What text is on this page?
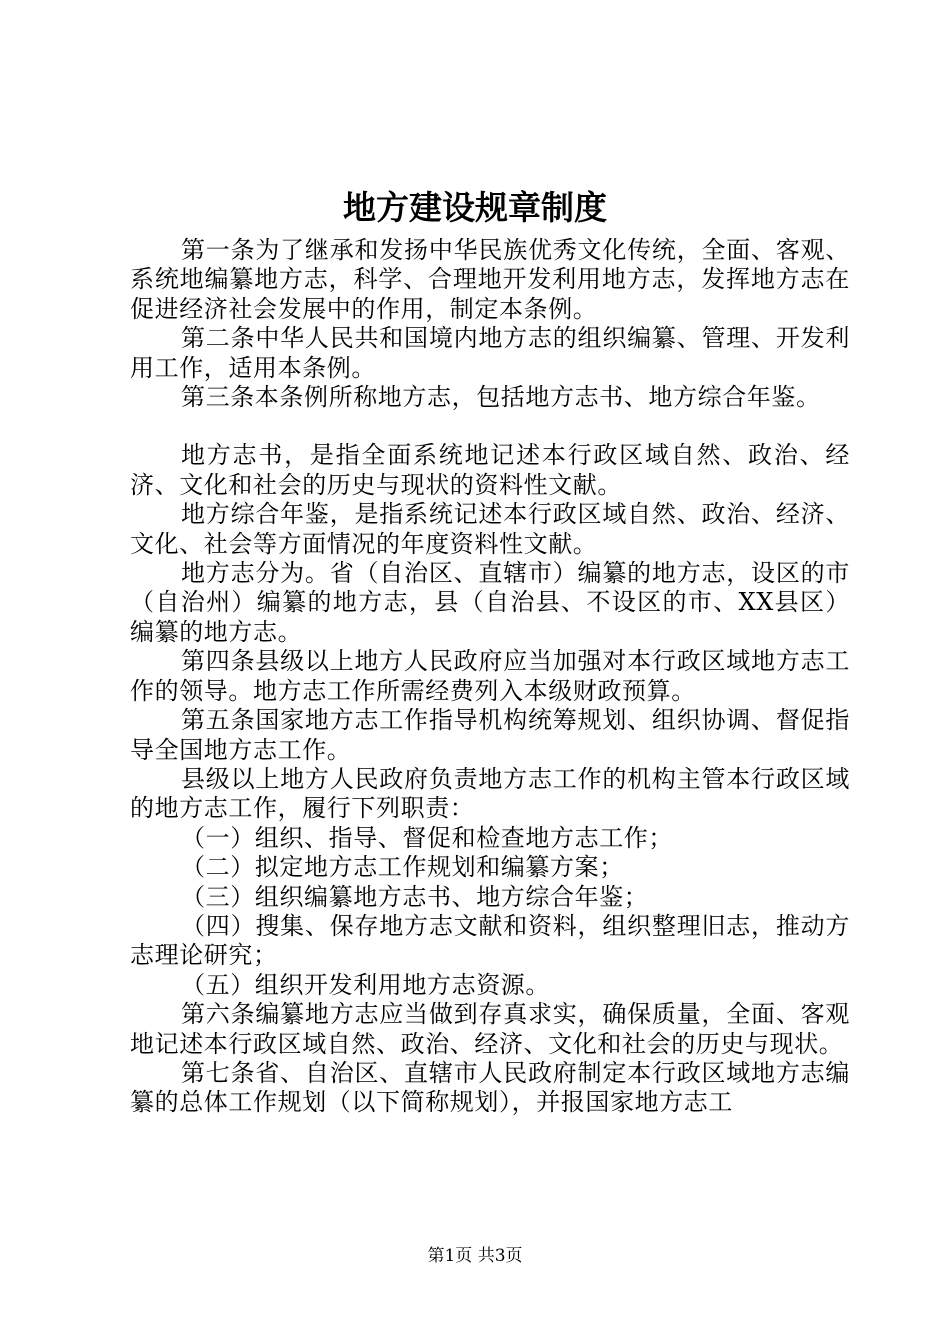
地方建设规章制度

第一条为了继承和发扬中华民族优秀文化传统，全面、客观、系统地编纂地方志，科学、合理地开发利用地方志，发挥地方志在促进经济社会发展中的作用，制定本条例。

第二条中华人民共和国境内地方志的组织编纂、管理、开发利用工作，适用本条例。

第三条本条例所称地方志，包括地方志书、地方综合年鉴。

地方志书，是指全面系统地记述本行政区域自然、政治、经济、文化和社会的历史与现状的资料性文献。

地方综合年鉴，是指系统记述本行政区域自然、政治、经济、文化、社会等方面情况的年度资料性文献。

地方志分为。省（自治区、直辖市）编纂的地方志，设区的市（自治州）编纂的地方志，县（自治县、不设区的市、XX县区）编纂的地方志。

第四条县级以上地方人民政府应当加强对本行政区域地方志工作的领导。地方志工作所需经费列入本级财政预算。

第五条国家地方志工作指导机构统筹规划、组织协调、督促指导全国地方志工作。

县级以上地方人民政府负责地方志工作的机构主管本行政区域的地方志工作，履行下列职责：

（一）组织、指导、督促和检查地方志工作；

（二）拟定地方志工作规划和编纂方案；

（三）组织编纂地方志书、地方综合年鉴；

（四）搜集、保存地方志文献和资料，组织整理旧志，推动方志理论研究；

（五）组织开发利用地方志资源。

第六条编纂地方志应当做到存真求实，确保质量，全面、客观地记述本行政区域自然、政治、经济、文化和社会的历史与现状。

第七条省、自治区、直辖市人民政府制定本行政区域地方志编纂的总体工作规划（以下简称规划），并报国家地方志工

第1页 共3页
